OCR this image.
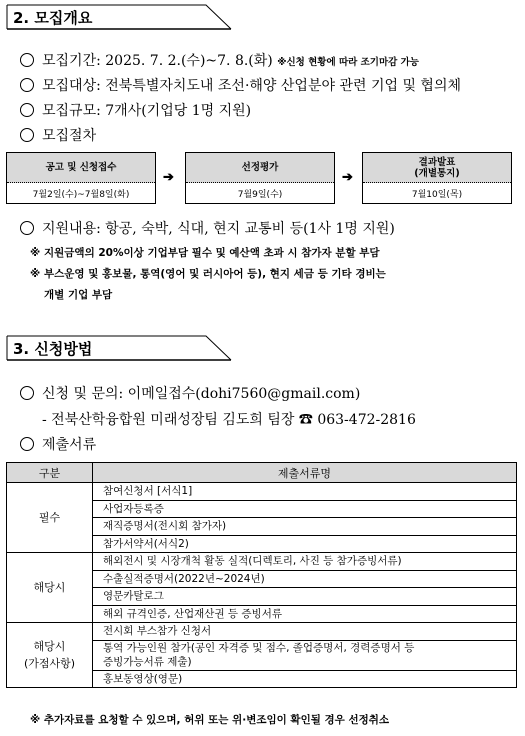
2. 모집개요
모집기간: 2025. 7. 2.(수)~7. 8.(화) ※신청 현황에 따라 조기마감 가능
모집대상: 전북특별자치도내 조선·해양 산업분야 관련 기업 및 협의체
모집규모: 7개사(기업당 1명 지원)
모집절차
공고 및 신청접수
7월2일(수)~7월8일(화)
➔
선정평가
7월9일(수)
➔
결과발표
(개별통지)
7월10일(목)
지원내용: 항공, 숙박, 식대, 현지 교통비 등(1사 1명 지원)
※ 지원금액의 20%이상 기업부담 필수 및 예산액 초과 시 참가자 분할 부담
※ 부스운영 및 홍보물, 통역(영어 및 러시아어 등), 현지 세금 등 기타 경비는
개별 기업 부담
3. 신청방법
신청 및 문의: 이메일접수(dohi7560@gmail.com)
- 전북산학융합원 미래성장팀 김도희 팀장 ☎ 063-472-2816
제출서류
구분	제출서류명
필수	참여신청서 [서식1]
	사업자등록증
	재직증명서(전시회 참가자)
	참가서약서(서식2)
해당시	해외전시 및 시장개척 활동 실적(디렉토리, 사진 등 참가증빙서류)
	수출실적증명서(2022년~2024년)
	영문카탈로그
	해외 규격인증, 산업재산권 등 증빙서류
해당시
(가점사항)	전시회 부스참가 신청서
	통역 가능인원 참가(공인 자격증 및 점수, 졸업증명서, 경력증명서 등
증빙가능서류 제출)
	홍보동영상(영문)
※ 추가자료를 요청할 수 있으며, 허위 또는 위·변조임이 확인될 경우 선정취소
